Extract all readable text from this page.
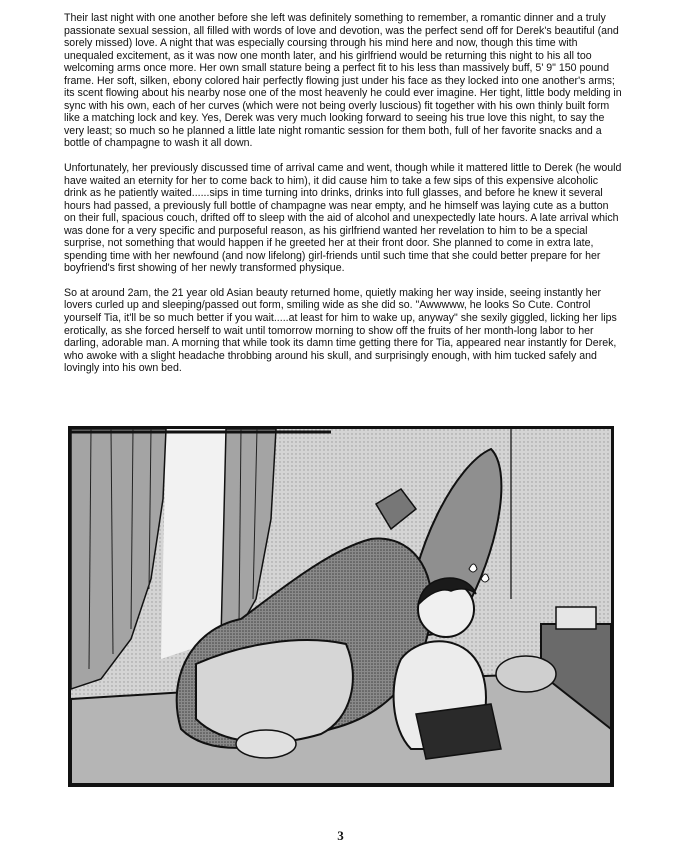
Their last night with one another before she left was definitely something to remember, a romantic dinner and a truly passionate sexual session, all filled with words of love and devotion, was the perfect send off for Derek's beautiful (and sorely missed) love. A night that was especially coursing through his mind here and now, though this time with unequaled excitement, as it was now one month later, and his girlfriend would be returning this night to his all too welcoming arms once more. Her own small stature being a perfect fit to his less than massively buff, 5' 9" 150 pound frame. Her soft, silken, ebony colored hair perfectly flowing just under his face as they locked into one another's arms; its scent flowing about his nearby nose one of the most heavenly he could ever imagine. Her tight, little body melding in sync with his own, each of her curves (which were not being overly luscious) fit together with his own thinly built form like a matching lock and key. Yes, Derek was very much looking forward to seeing his true love this night, to say the very least; so much so he planned a little late night romantic session for them both, full of her favorite snacks and a bottle of champagne to wash it all down.

Unfortunately, her previously discussed time of arrival came and went, though while it mattered little to Derek (he would have waited an eternity for her to come back to him), it did cause him to take a few sips of this expensive alcoholic drink as he patiently waited......sips in time turning into drinks, drinks into full glasses, and before he knew it several hours had passed, a previously full bottle of champagne was near empty, and he himself was laying cute as a button on their full, spacious couch, drifted off to sleep with the aid of alcohol and unexpectedly late hours. A late arrival which was done for a very specific and purposeful reason, as his girlfriend wanted her revelation to him to be a special surprise, not something that would happen if he greeted her at their front door. She planned to come in extra late, spending time with her newfound (and now lifelong) girl-friends until such time that she could better prepare for her boyfriend's first showing of her newly transformed physique.

So at around 2am, the 21 year old Asian beauty returned home, quietly making her way inside, seeing instantly her lovers curled up and sleeping/passed out form, smiling wide as she did so. "Awwwww, he looks So Cute. Control yourself Tia, it'll be so much better if you wait.....at least for him to wake up, anyway" she sexily giggled, licking her lips erotically, as she forced herself to wait until tomorrow morning to show off the fruits of her month-long labor to her darling, adorable man. A morning that while took its damn time getting there for Tia, appeared near instantly for Derek, who awoke with a slight headache throbbing around his skull, and surprisingly enough, with him tucked safely and lovingly into his own bed.

3
